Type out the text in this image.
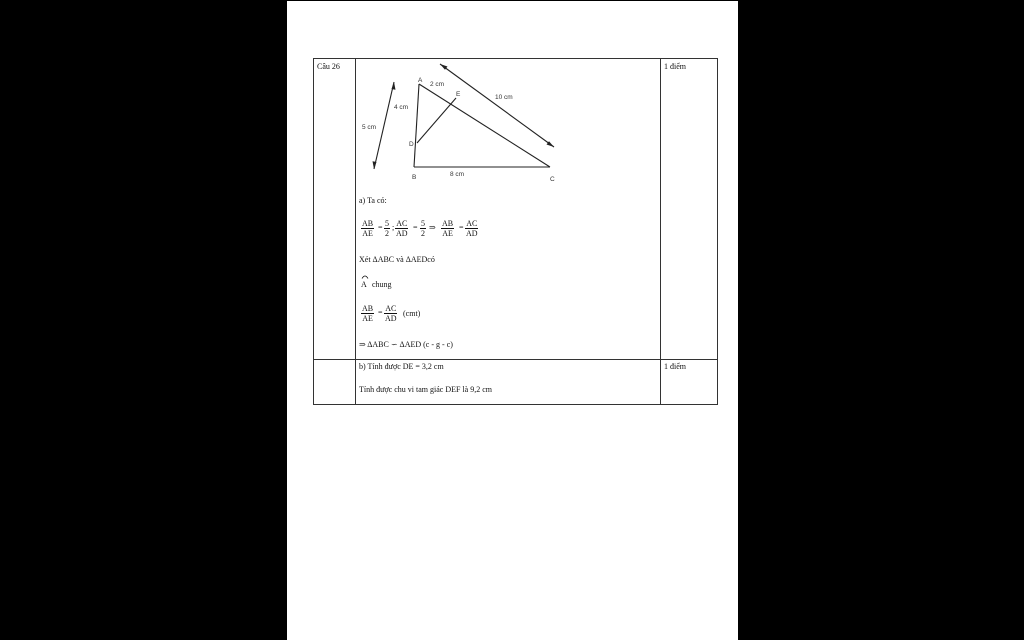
Câu 26	1 điểm
1 điểm
A
E
D
B	C
2 cm
10 cm
4 cm
5 cm
8 cm
a) Ta có:
$\frac{AB}{AE} = \frac{5}{2}$ ; $\frac{AC}{AD} = \frac{5}{2}$ ⇒ $\frac{AB}{AE} = \frac{AC}{AD}$
Xét ΔABC và ΔAEDcó
A chung
$\frac{AB}{AE} = \frac{AC}{AD} (cmt)$
⇒ ΔABC ∽ ΔAED (c - g - c)
b) Tính được DE = 3,2 cm
Tính được chu vi tam giác DEF là 9,2 cm
